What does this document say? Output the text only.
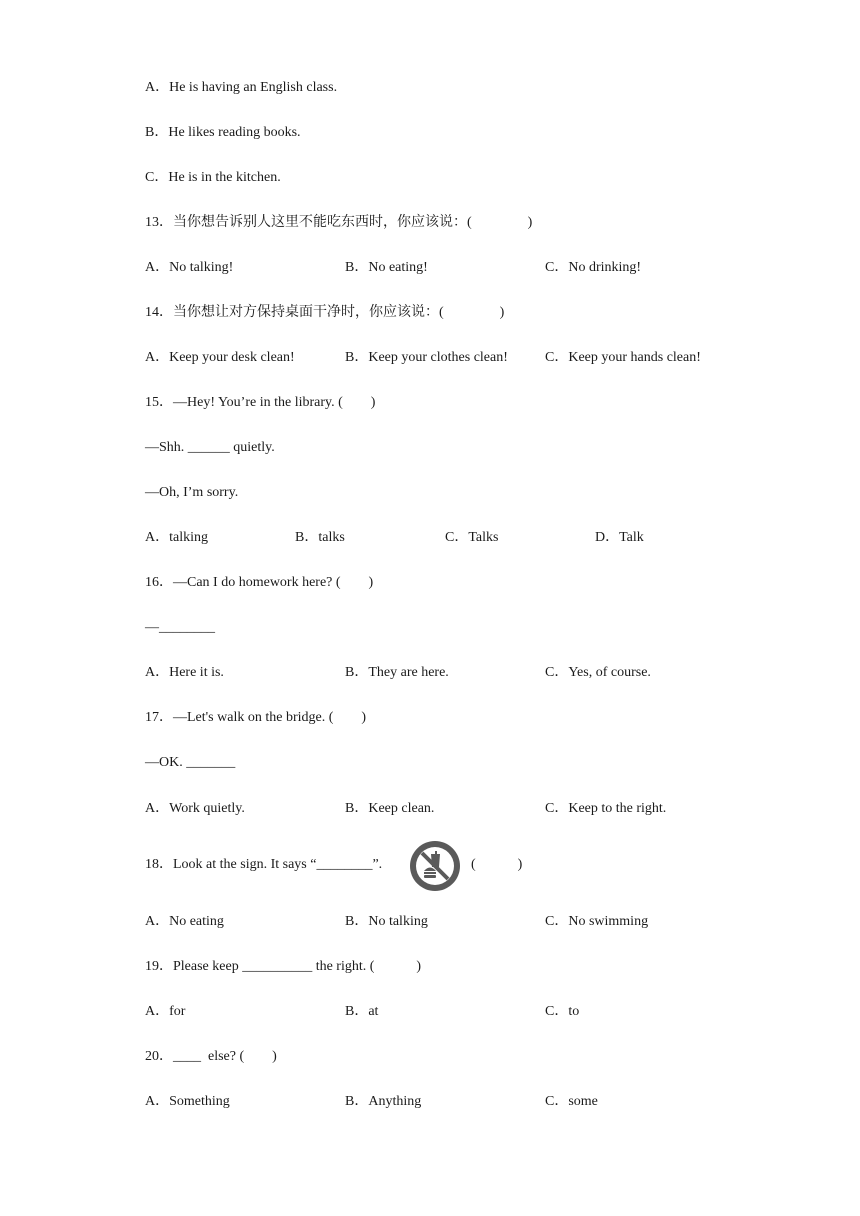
A．He is having an English class.
B．He likes reading books.
C．He is in the kitchen.
13．当你想告诉别人这里不能吃东西时，你应该说：(　　　　)
A．No talking!	B．No eating!	C．No drinking!
14．当你想让对方保持桌面干净时，你应该说：(　　　　)
A．Keep your desk clean!	B．Keep your clothes clean!	C．Keep your hands clean!
15．—Hey! You’re in the library. (　　)
—Shh. ______ quietly.
—Oh, I’m sorry.
A．talking	B．talks	C．Talks	D．Talk
16．—Can I do homework here? (　　)
—________
A．Here it is.	B．They are here.	C．Yes, of course.
17．—Let's walk on the bridge. (　　)
—OK. _______
A．Work quietly.	B．Keep clean.	C．Keep to the right.
18．Look at the sign. It says “________”.	(　　　)
A．No eating	B．No talking	C．No swimming
19．Please keep __________ the right. (　　　)
A．for	B．at	C．to
20．____  else? (　　)
A．Something	B．Anything	C．some
